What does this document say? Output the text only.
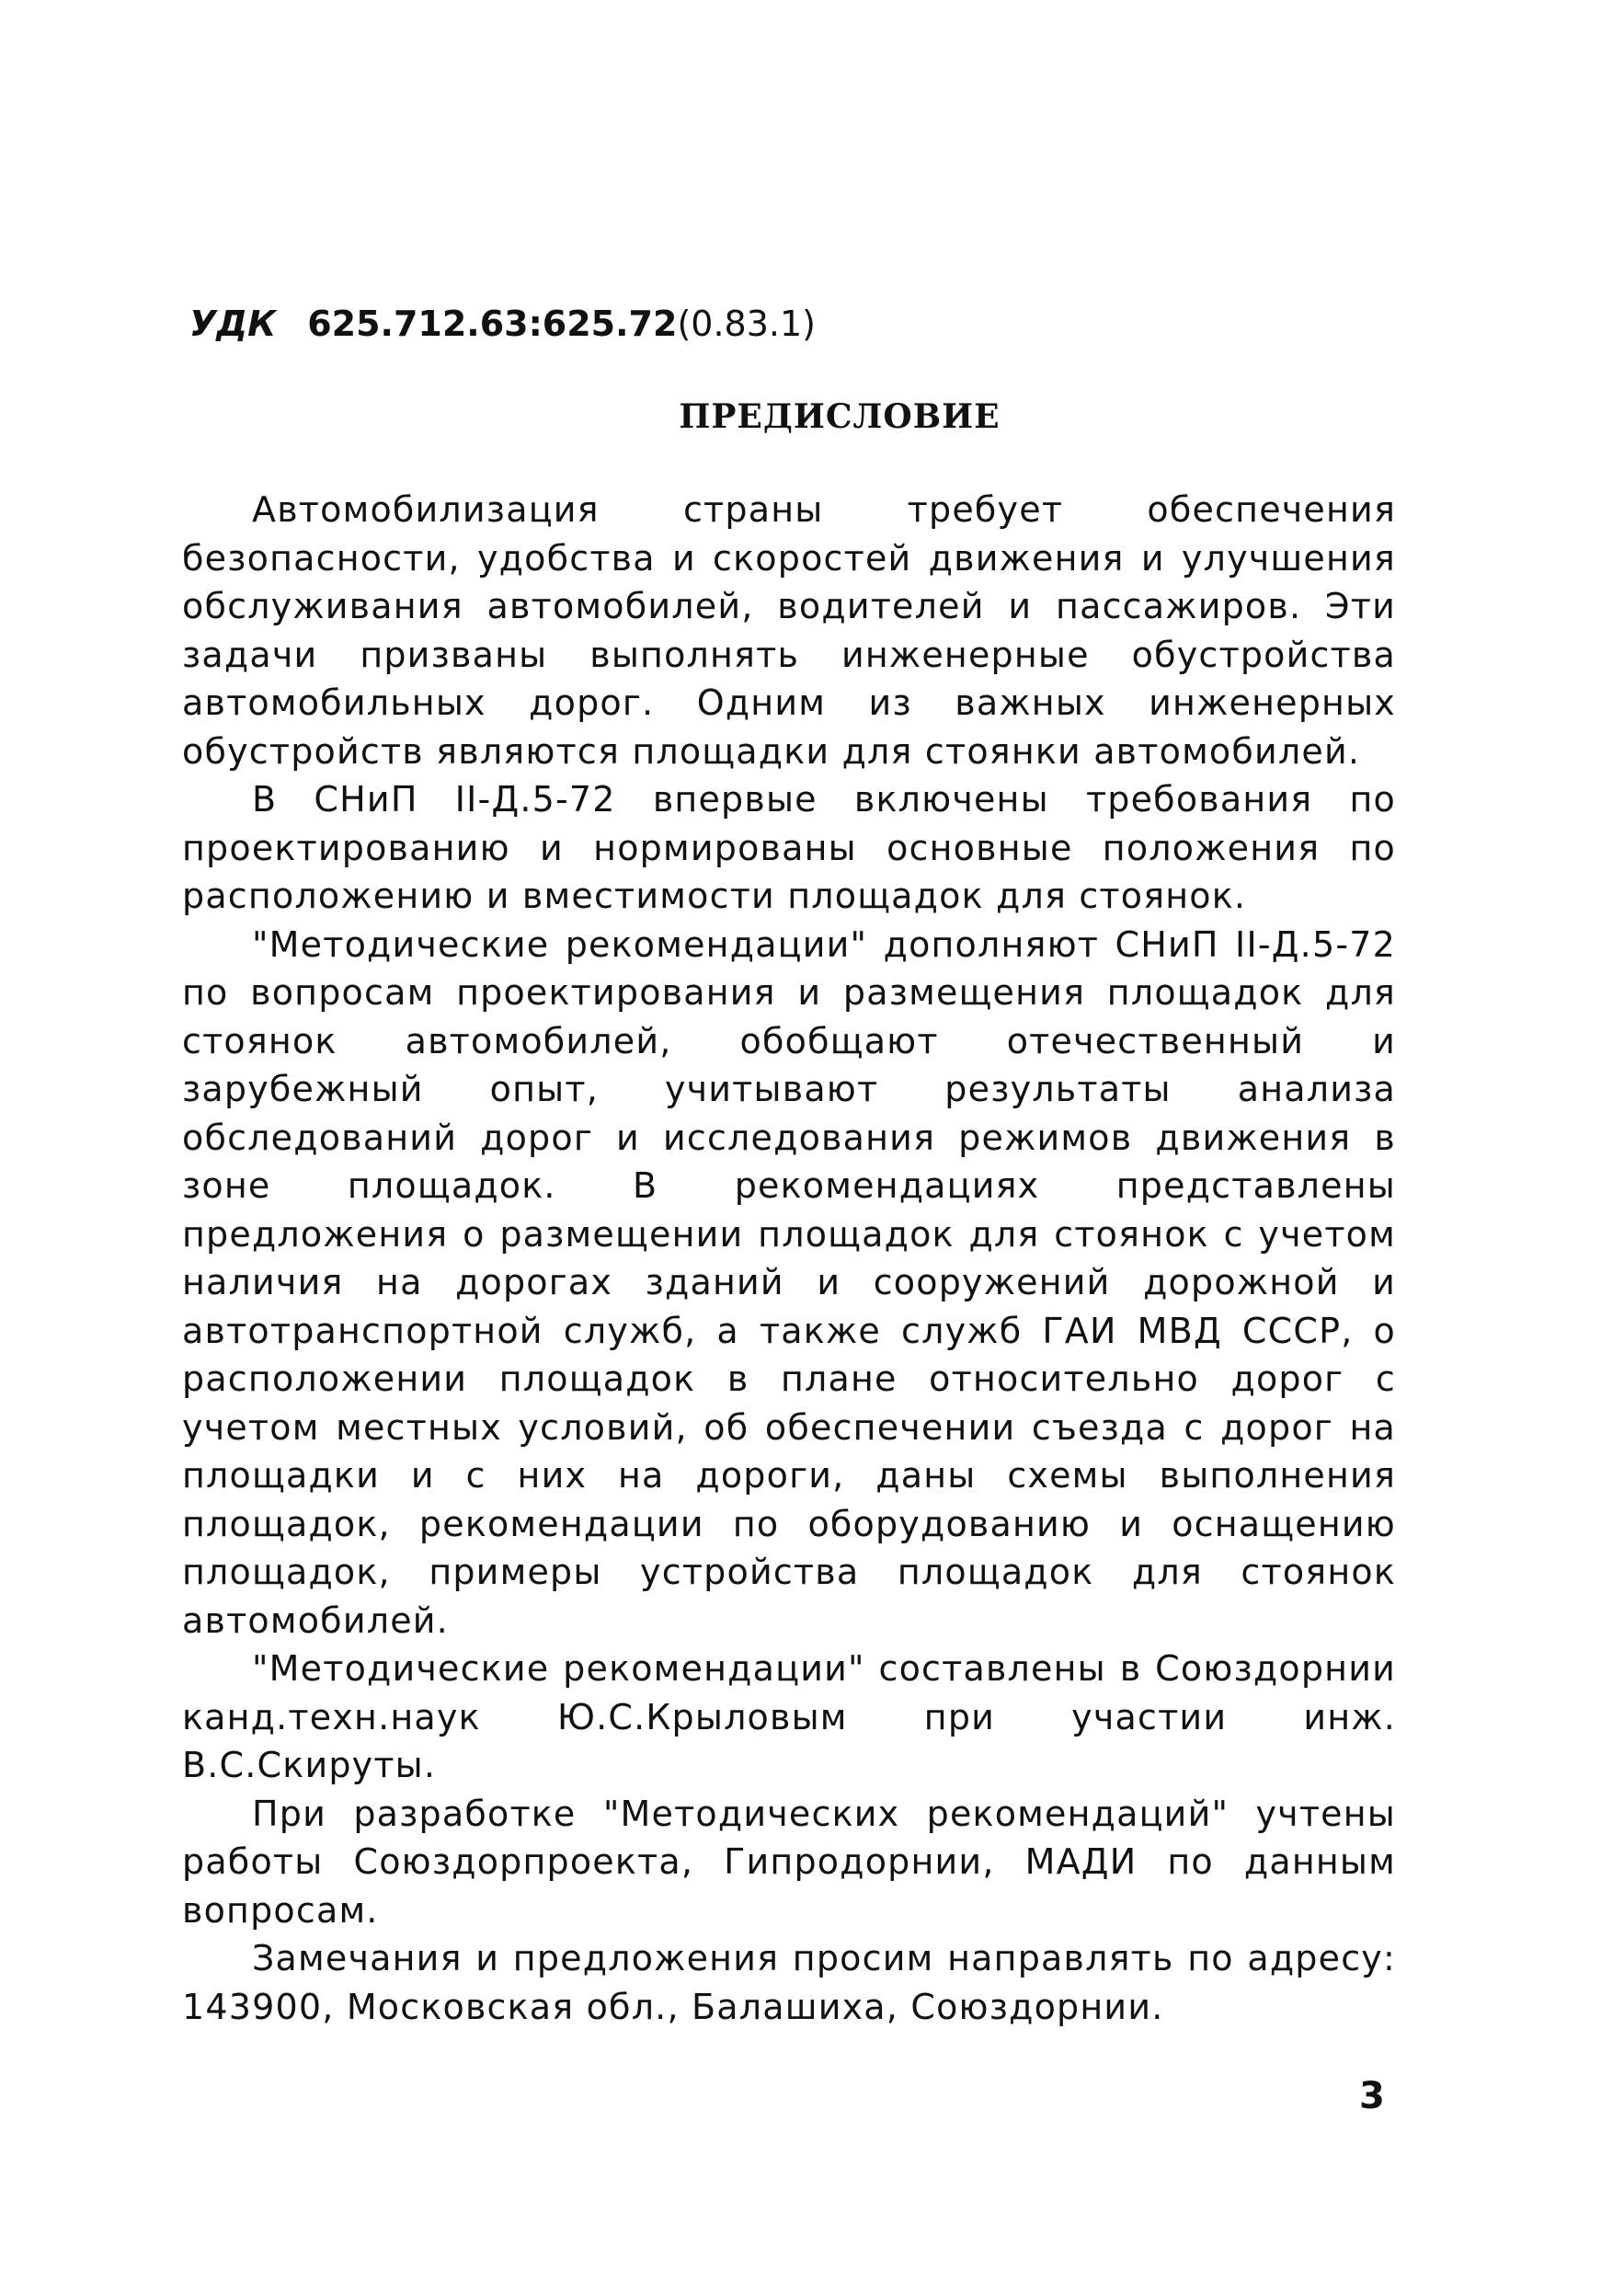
УДК 625.712.63:625.72(0.83.1)
ПРЕДИСЛОВИЕ

Автомобилизация страны требует обеспечения безопасности, удобства и скоростей движения и улучшения обслуживания автомобилей, водителей и пассажиров. Эти задачи призваны выполнять инженерные обустройства автомобильных дорог. Одним из важных инженерных обустройств являются площадки для стоянки автомобилей.

В СНиП II-Д.5-72 впервые включены требования по проектированию и нормированы основные положения по расположению и вместимости площадок для стоянок.

"Методические рекомендации" дополняют СНиП II-Д.5-72 по вопросам проектирования и размещения площадок для стоянок автомобилей, обобщают отечественный и зарубежный опыт, учитывают результаты анализа обследований дорог и исследования режимов движения в зоне площадок. В рекомендациях представлены предложения о размещении площадок для стоянок с учетом наличия на дорогах зданий и сооружений дорожной и автотранспортной служб, а также служб ГАИ МВД СССР, о расположении площадок в плане относительно дорог с учетом местных условий, об обеспечении съезда с дорог на площадки и с них на дороги, даны схемы выполнения площадок, рекомендации по оборудованию и оснащению площадок, примеры устройства площадок для стоянок автомобилей.

"Методические рекомендации" составлены в Союздорнии канд.техн.наук Ю.С.Крыловым при участии инж. В.С.Скируты.

При разработке "Методических рекомендаций" учтены работы Союздорпроекта, Гипродорнии, МАДИ по данным вопросам.

Замечания и предложения просим направлять по адресу: 143900, Московская обл., Балашиха, Союздорнии.

3
